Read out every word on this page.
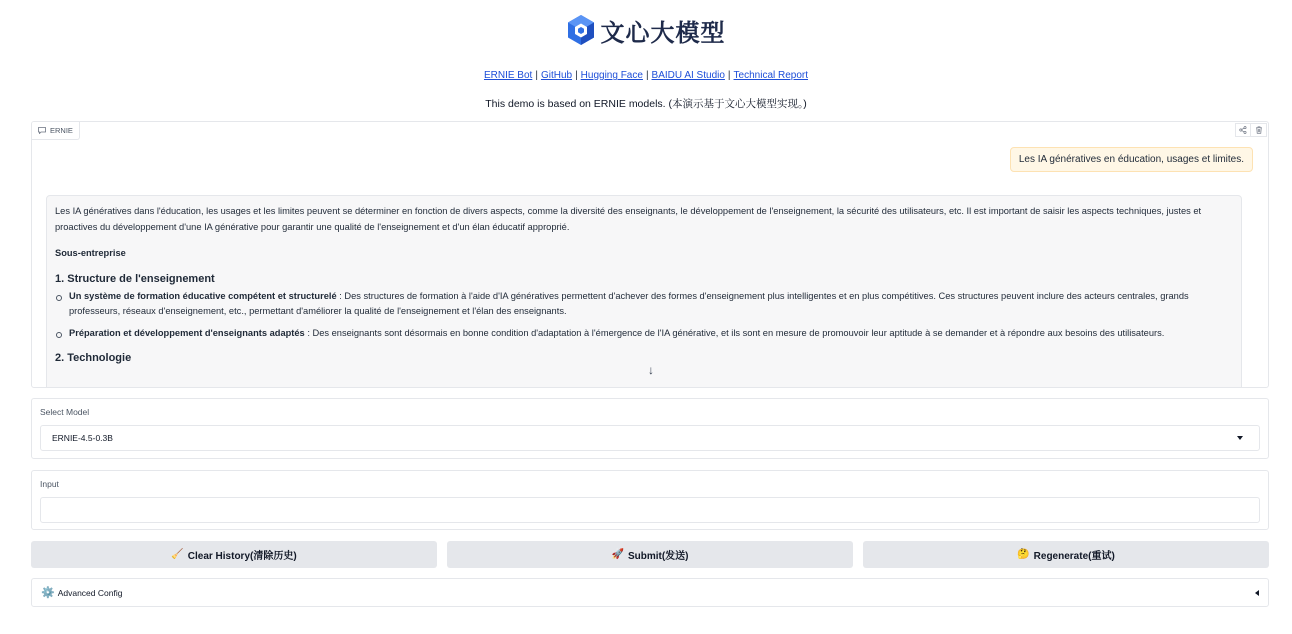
文心大模型
ERNIE Bot | GitHub | Hugging Face | BAIDU AI Studio | Technical Report
This demo is based on ERNIE models. (本演示基于文心大模型实现。)
ERNIE
Les IA génératives en éducation, usages et limites.

Les IA génératives dans l'éducation, les usages et les limites peuvent se déterminer en fonction de divers aspects, comme la diversité des enseignants, le développement de l'enseignement, la sécurité des utilisateurs, etc. Il est important de saisir les aspects techniques, justes et proactives du développement d'une IA générative pour garantir une qualité de l'enseignement et d'un élan éducatif approprié.

Sous-entreprise

1. Structure de l'enseignement
Un système de formation éducative compétent et structurelé : Des structures de formation à l'aide d'IA génératives permettent d'achever des formes d'enseignement plus intelligentes et en plus compétitives. Ces structures peuvent inclure des acteurs centrales, grands professeurs, réseaux d'enseignement, etc., permettant d'améliorer la qualité de l'enseignement et l'élan des enseignants.
Préparation et développement d'enseignants adaptés : Des enseignants sont désormais en bonne condition d'adaptation à l'émergence de l'IA générative, et ils sont en mesure de promouvoir leur aptitude à se demander et à répondre aux besoins des utilisateurs.
2. Technologie
↓
Select Model
ERNIE-4.5-0.3B
Input
🧹 Clear History(清除历史)	🚀 Submit(发送)	🤔 Regenerate(重试)
⚙️ Advanced Config
